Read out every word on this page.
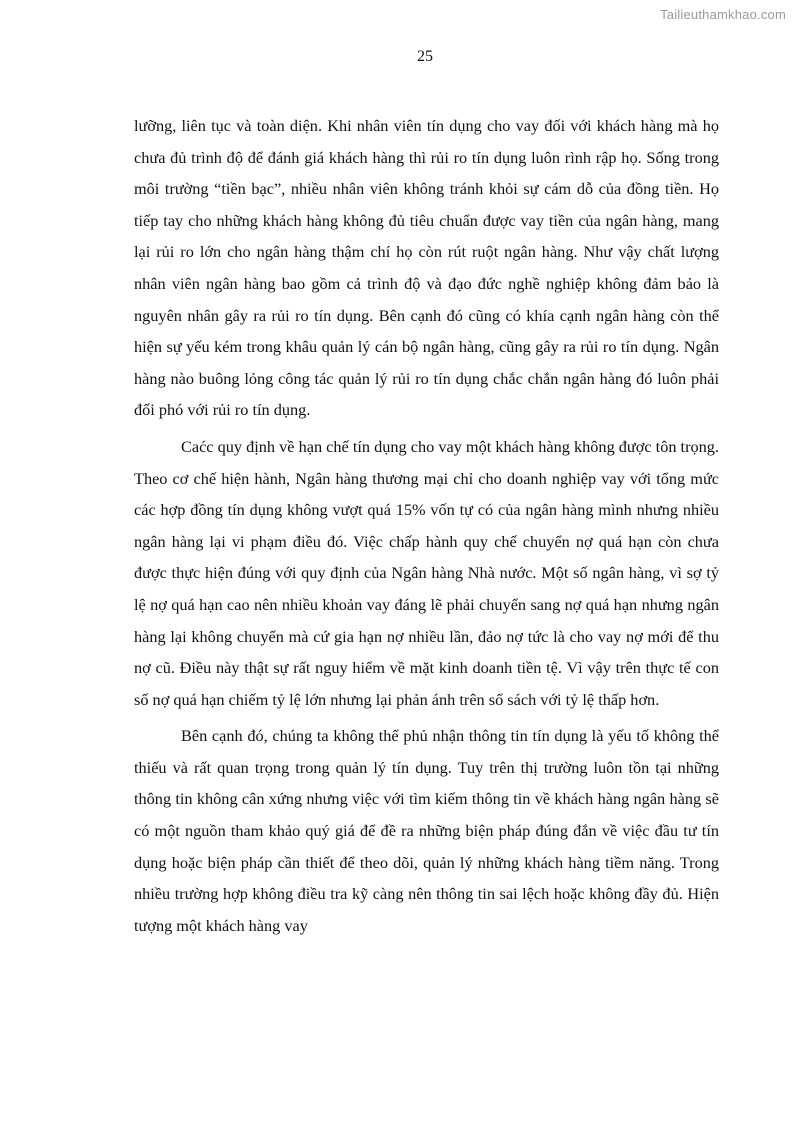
Tailieuthamkhao.com
25

lưỡng, liên tục và toàn diện. Khi nhân viên tín dụng cho vay đối với khách hàng mà họ chưa đủ trình độ để đánh giá khách hàng thì rủi ro tín dụng luôn rình rập họ. Sống trong môi trường “tiền bạc”, nhiều nhân viên không tránh khỏi sự cám dỗ của đồng tiền. Họ tiếp tay cho những khách hàng không đủ tiêu chuẩn được vay tiền của ngân hàng, mang lại rủi ro lớn cho ngân hàng thậm chí họ còn rút ruột ngân hàng. Như vậy chất lượng nhân viên ngân hàng bao gồm cả trình độ và đạo đức nghề nghiệp không đảm bảo là nguyên nhân gây ra rủi ro tín dụng. Bên cạnh đó cũng có khía cạnh ngân hàng còn thể hiện sự yếu kém trong khâu quản lý cán bộ ngân hàng, cũng gây ra rủi ro tín dụng. Ngân hàng nào buông lỏng công tác quản lý rủi ro tín dụng chắc chắn ngân hàng đó luôn phải đối phó với rủi ro tín dụng.

Caćc quy định về hạn chế tín dụng cho vay một khách hàng không được tôn trọng. Theo cơ chế hiện hành, Ngân hàng thương mại chỉ cho doanh nghiệp vay với tổng mức các hợp đồng tín dụng không vượt quá 15% vốn tự có của ngân hàng mình nhưng nhiều ngân hàng lại vi phạm điều đó. Việc chấp hành quy chế chuyển nợ quá hạn còn chưa được thực hiện đúng với quy định của Ngân hàng Nhà nước. Một số ngân hàng, vì sợ tỷ lệ nợ quá hạn cao nên nhiều khoản vay đáng lẽ phải chuyển sang nợ quá hạn nhưng ngân hàng lại không chuyển mà cứ gia hạn nợ nhiều lần, đảo nợ tức là cho vay nợ mới để thu nợ cũ. Điều này thật sự rất nguy hiểm về mặt kinh doanh tiền tệ. Vì vậy trên thực tế con số nợ quá hạn chiếm tỷ lệ lớn nhưng lại phản ánh trên sổ sách với tỷ lệ thấp hơn.

Bên cạnh đó, chúng ta không thể phủ nhận thông tin tín dụng là yếu tố không thể thiếu và rất quan trọng trong quản lý tín dụng. Tuy trên thị trường luôn tồn tại những thông tin không cân xứng nhưng việc với tìm kiếm thông tin về khách hàng ngân hàng sẽ có một nguồn tham khảo quý giá để đề ra những biện pháp đúng đắn về việc đầu tư tín dụng hoặc biện pháp cần thiết để theo dõi, quản lý những khách hàng tiềm năng. Trong nhiều trường hợp không điều tra kỹ càng nên thông tin sai lệch hoặc không đầy đủ. Hiện tượng một khách hàng vay
